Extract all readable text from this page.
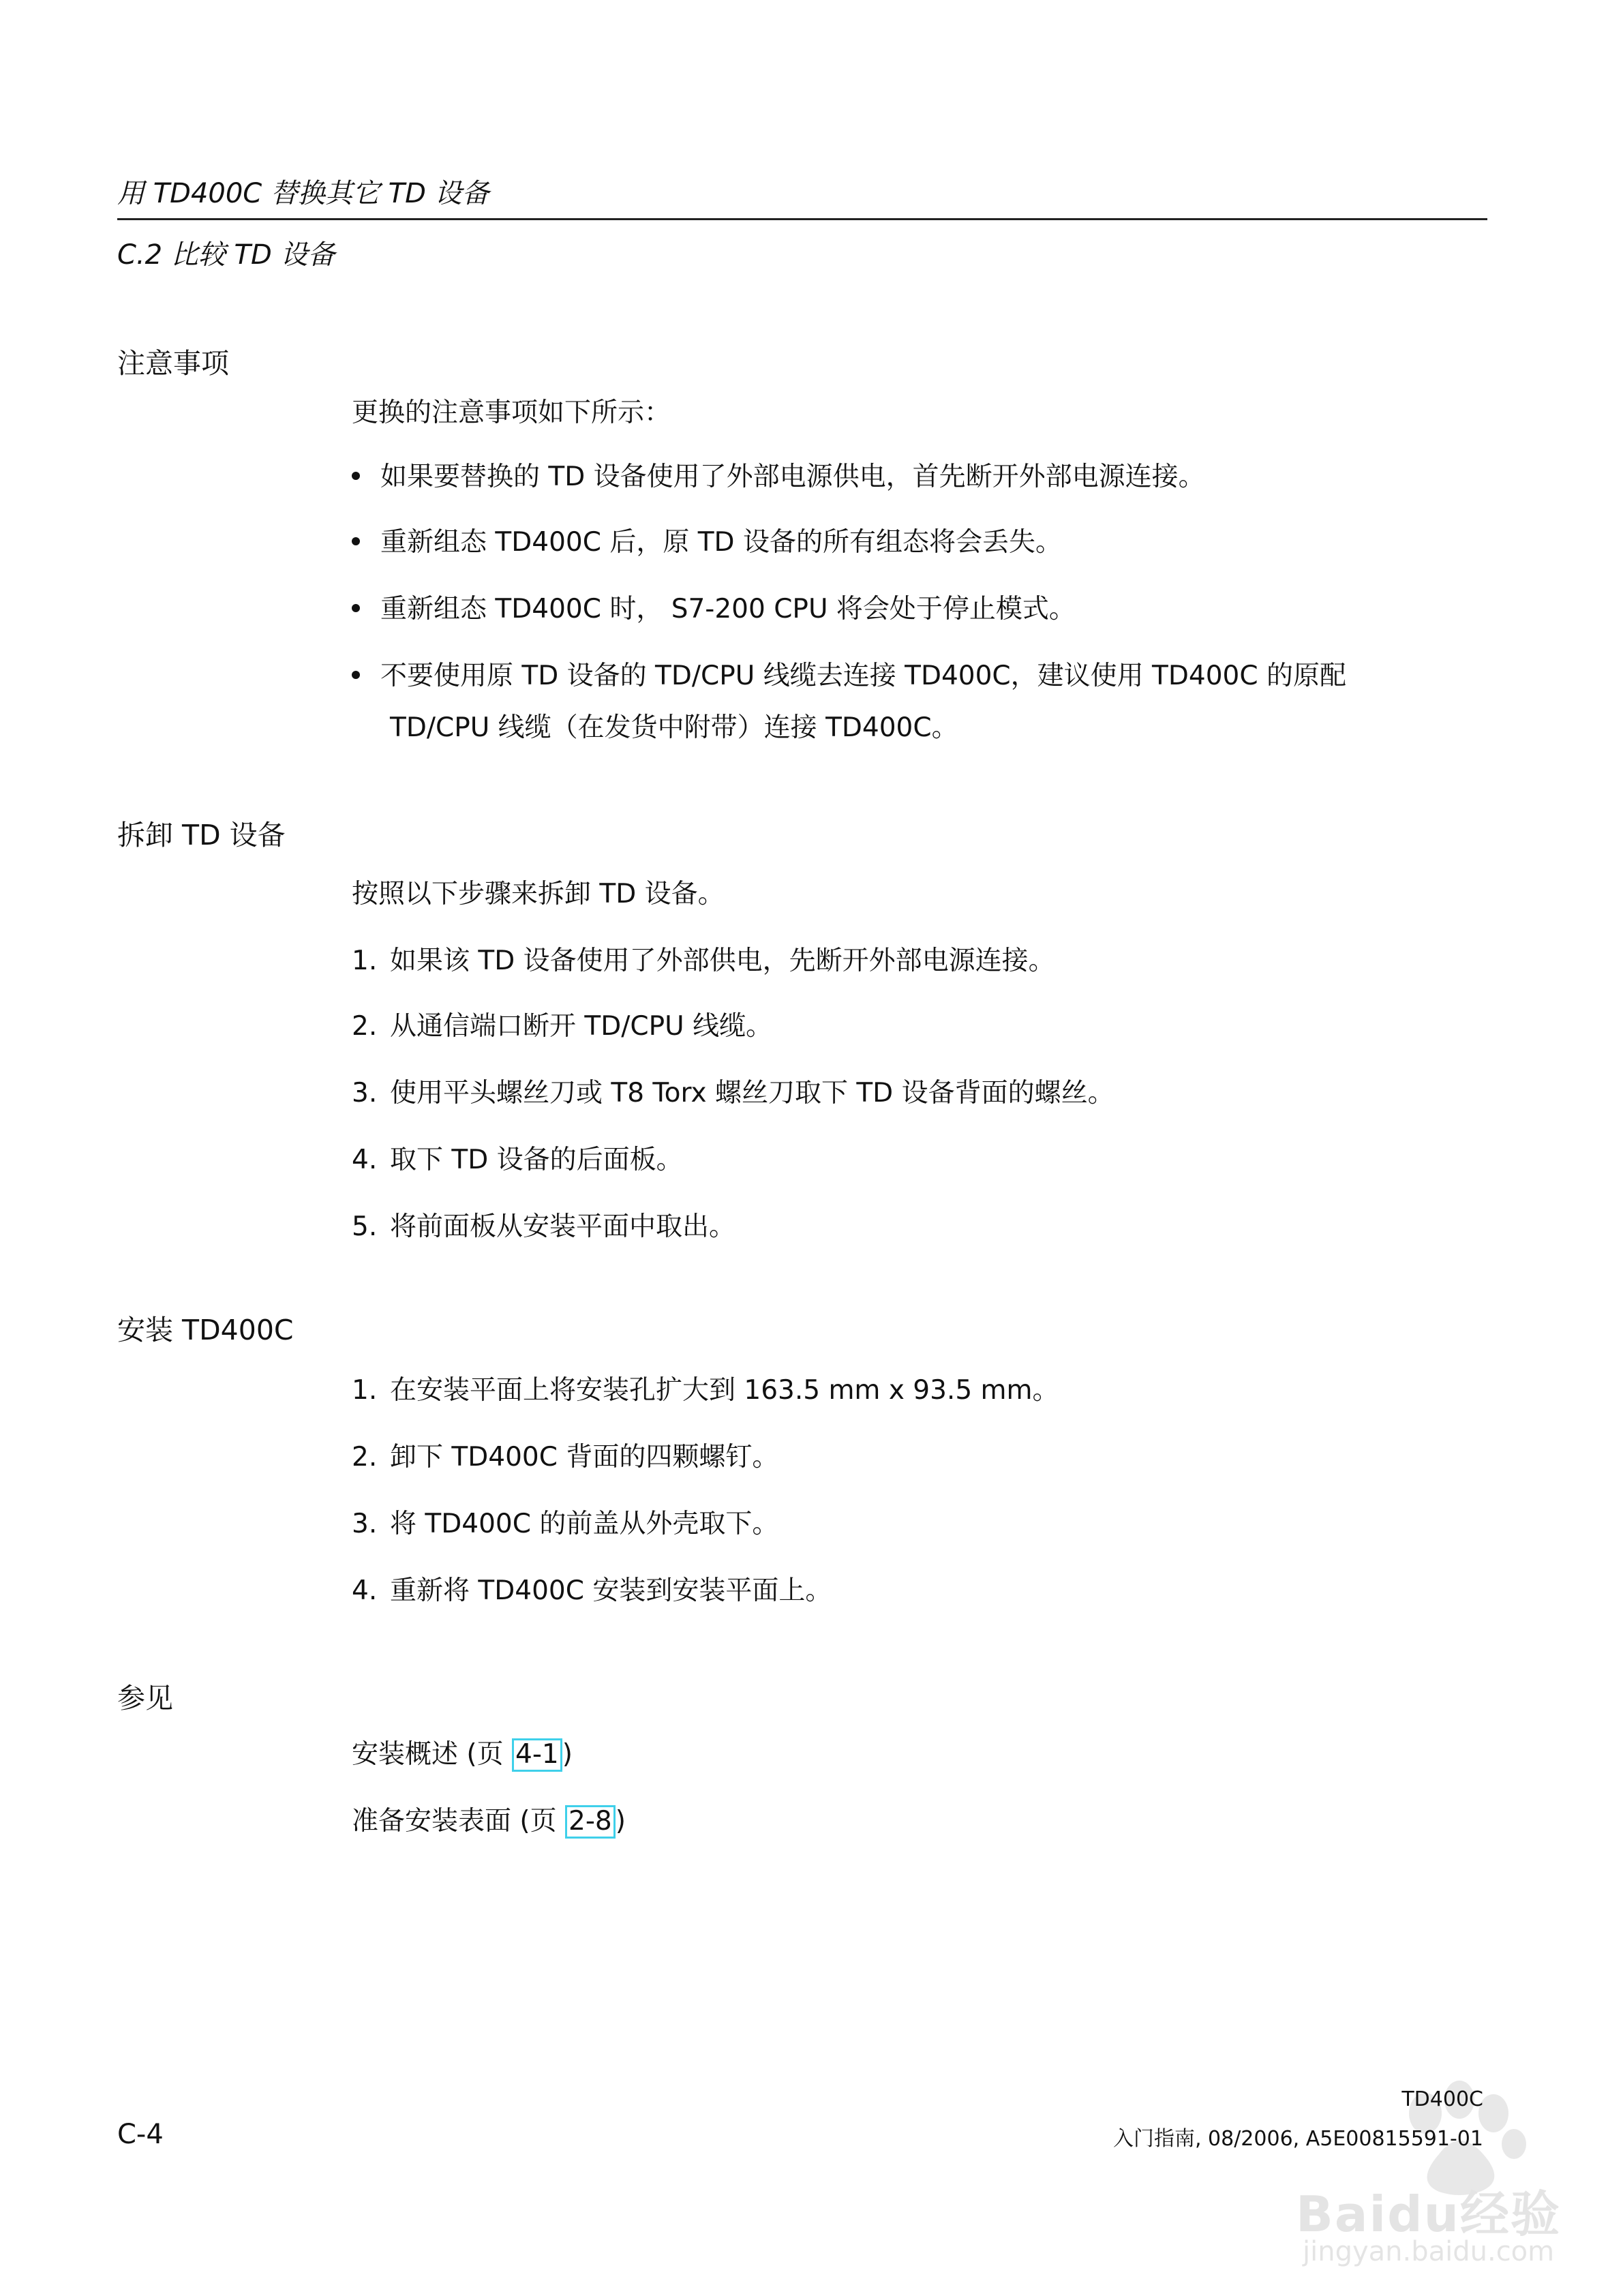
用 TD400C 替换其它 TD 设备
C.2 比较 TD 设备
注意事项
更换的注意事项如下所示：
如果要替换的 TD 设备使用了外部电源供电，首先断开外部电源连接。
重新组态 TD400C 后，原 TD 设备的所有组态将会丢失。
重新组态 TD400C 时， S7-200 CPU 将会处于停止模式。
不要使用原 TD 设备的 TD/CPU 线缆去连接 TD400C，建议使用 TD400C 的原配
TD/CPU 线缆（在发货中附带）连接 TD400C。
拆卸 TD 设备
按照以下步骤来拆卸 TD 设备。
1. 如果该 TD 设备使用了外部供电，先断开外部电源连接。
2. 从通信端口断开 TD/CPU 线缆。
3. 使用平头螺丝刀或 T8 Torx 螺丝刀取下 TD 设备背面的螺丝。
4. 取下 TD 设备的后面板。
5. 将前面板从安装平面中取出。
安装 TD400C
1. 在安装平面上将安装孔扩大到 163.5 mm x 93.5 mm。
2. 卸下 TD400C 背面的四颗螺钉。
3. 将 TD400C 的前盖从外壳取下。
4. 重新将 TD400C 安装到安装平面上。
参见
安装概述 (页 4-1 )
准备安装表面 (页 2-8 )
Baidu经验
jingyan.baidu.com
TD400C
C-4	入门指南, 08/2006, A5E00815591-01
